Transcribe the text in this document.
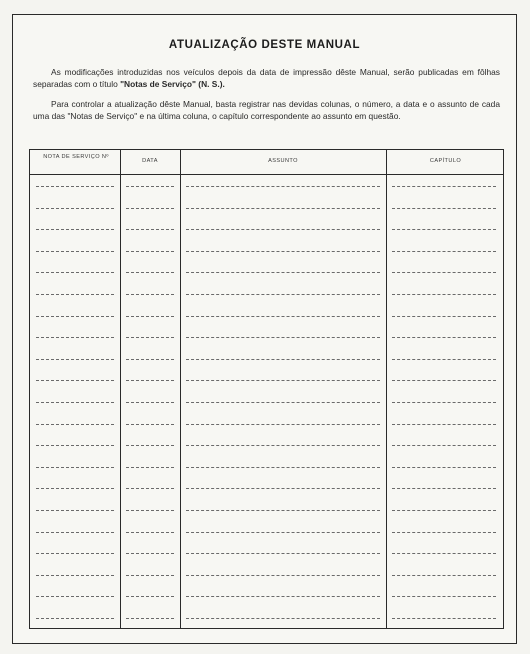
ATUALIZAÇÃO DESTE MANUAL
As modificações introduzidas nos veículos depois da data de impressão dêste Manual, serão publicadas em fôlhas separadas com o título "Notas de Serviço" (N. S.).
Para controlar a atualização dêste Manual, basta registrar nas devidas colunas, o número, a data e o assunto de cada uma das "Notas de Serviço" e na última coluna, o capítulo correspondente ao assunto em questão.
NOTA DE SERVIÇO Nº
DATA	ASSUNTO	CAPÍTULO
